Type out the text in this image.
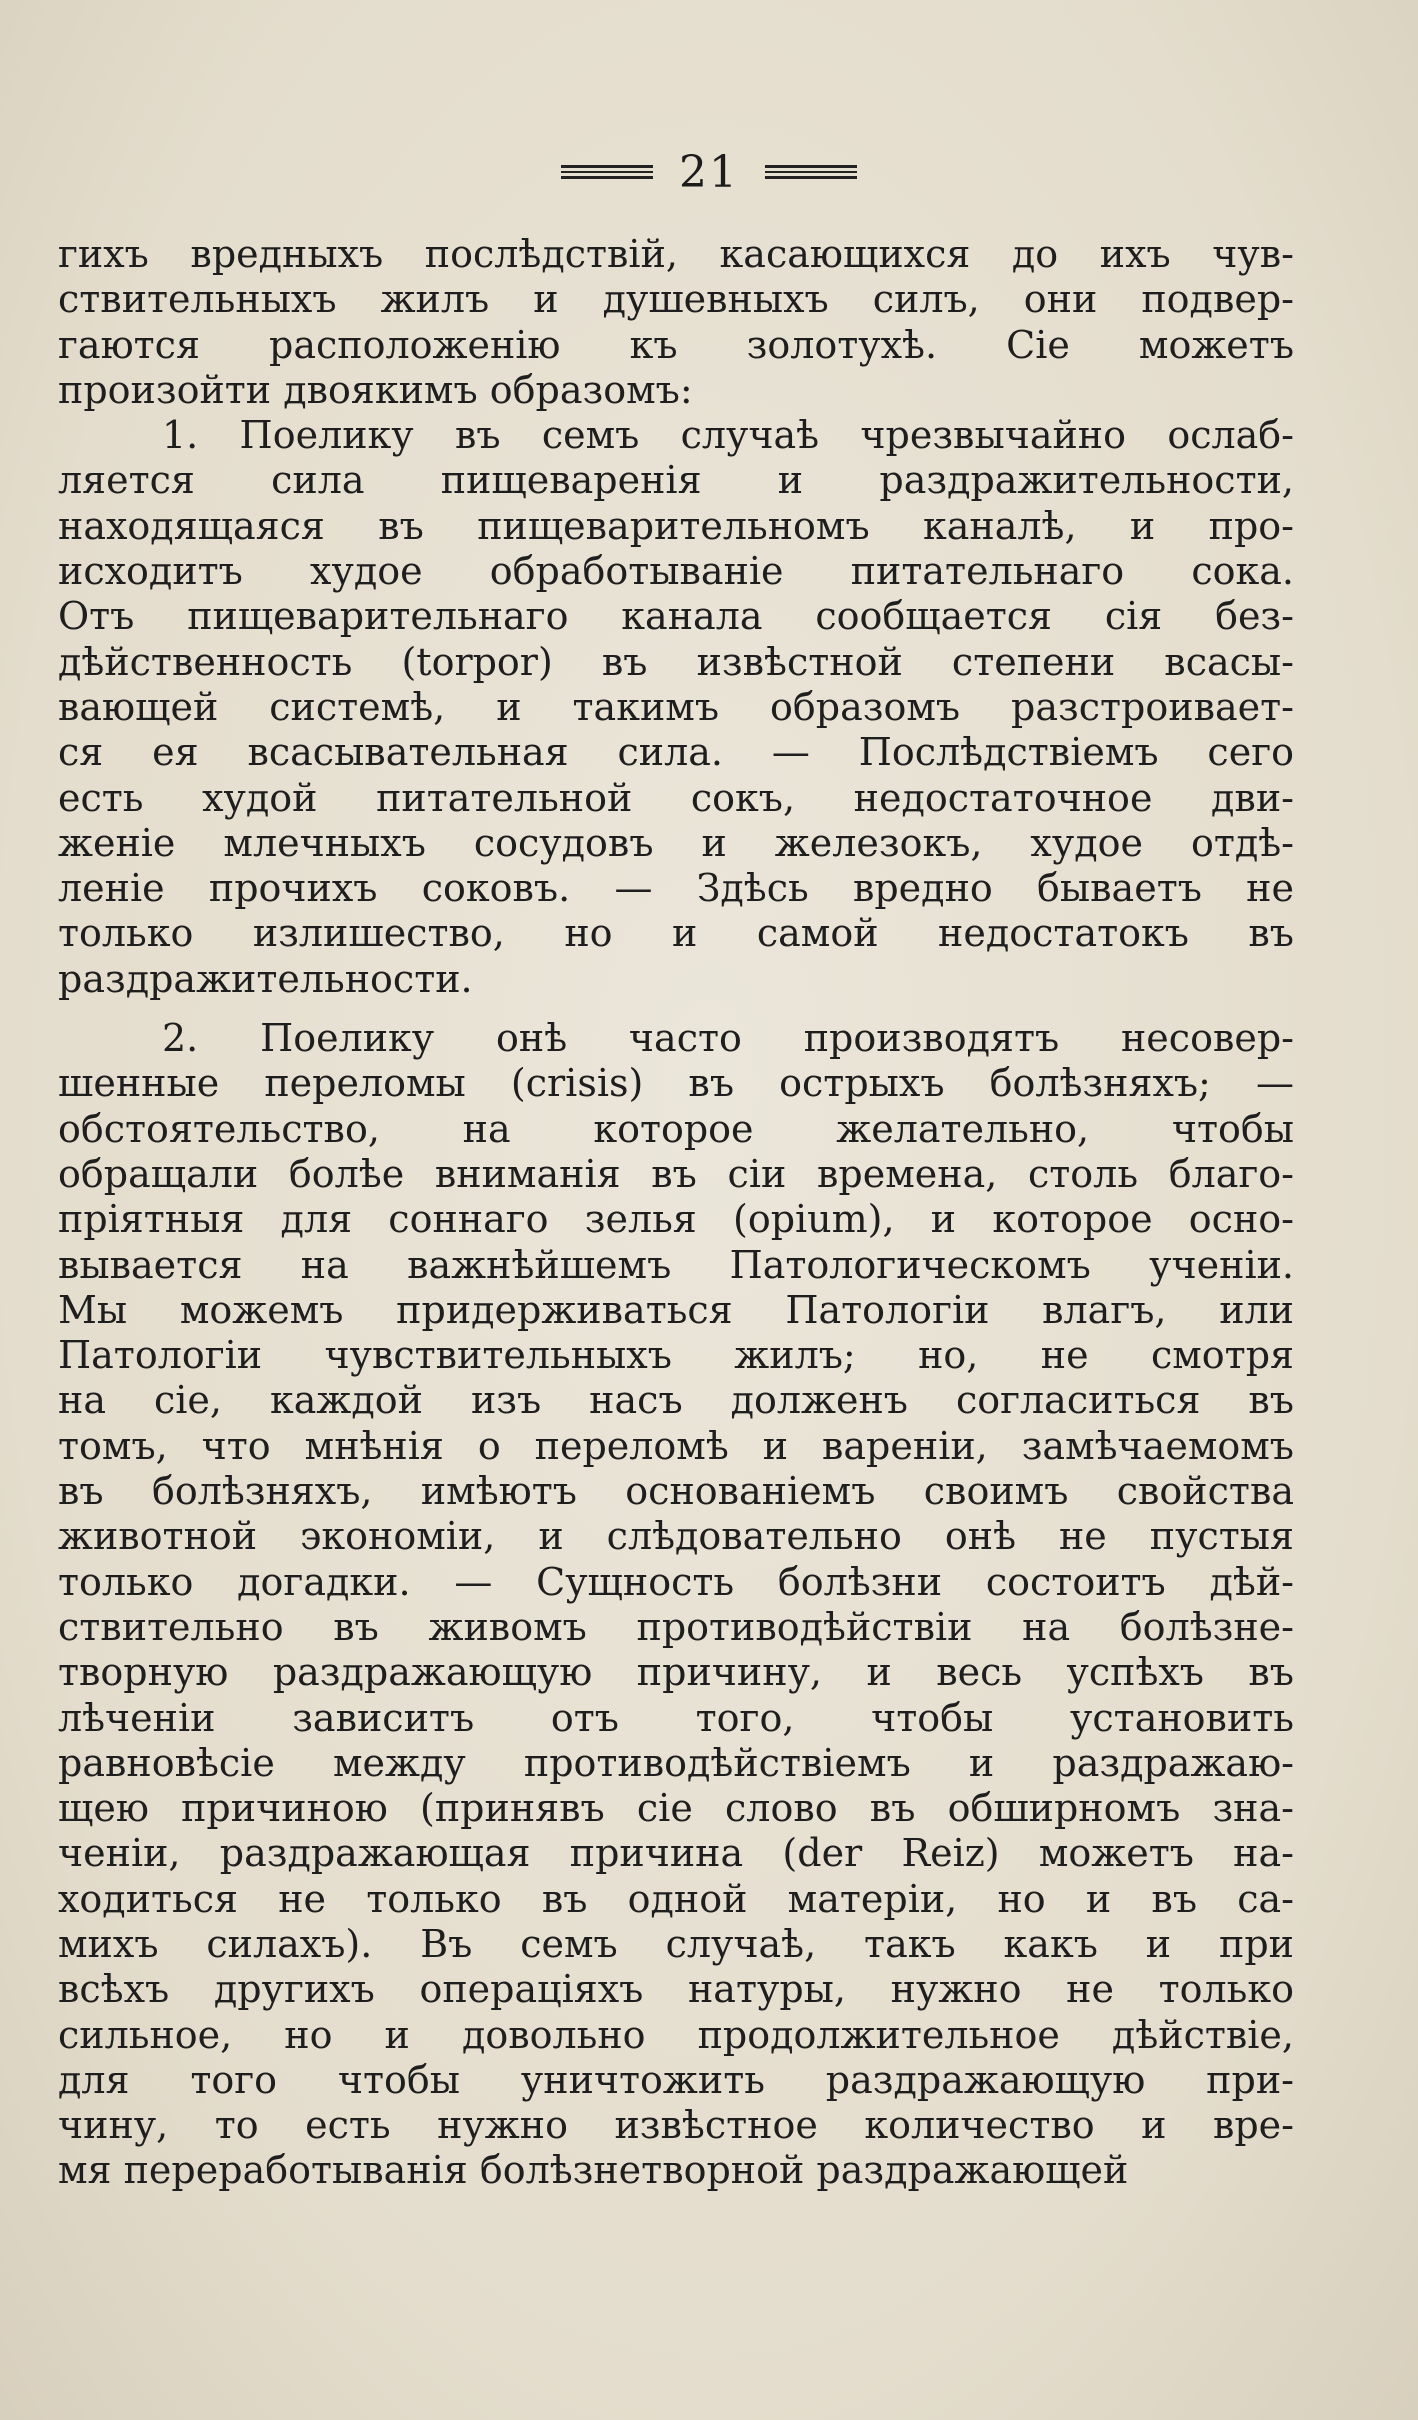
21
гихъ вредныхъ послѣдствій, касающихся до ихъ чув-
ствительныхъ жилъ и душевныхъ силъ, они подвер-
гаются расположенію къ золотухѣ. Сіе можетъ
произойти двоякимъ образомъ:
1. Поелику въ семъ случаѣ чрезвычайно ослаб-
ляется сила пищеваренія и раздражительности,
находящаяся въ пищеварительномъ каналѣ, и про-
исходитъ худое обработываніе питательнаго сока.
Отъ пищеварительнаго канала сообщается сія без-
дѣйственность (torpor) въ извѣстной степени всасы-
вающей системѣ, и такимъ образомъ разстроивает-
ся ея всасывательная сила. — Послѣдствіемъ сего
есть худой питательной сокъ, недостаточное дви-
женіе млечныхъ сосудовъ и железокъ, худое отдѣ-
леніе прочихъ соковъ. — Здѣсь вредно бываетъ не
только излишество, но и самой недостатокъ въ
раздражительности.
2. Поелику онѣ часто производятъ несовер-
шенные переломы (crisis) въ острыхъ болѣзняхъ; —
обстоятельство, на которое желательно, чтобы
обращали болѣе вниманія въ сіи времена, столь благо-
пріятныя для соннаго зелья (opium), и которое осно-
вывается на важнѣйшемъ Патологическомъ ученіи.
Мы можемъ придерживаться Патологіи влагъ, или
Патологіи чувствительныхъ жилъ; но, не смотря
на сіе, каждой изъ насъ долженъ согласиться въ
томъ, что мнѣнія о переломѣ и вареніи, замѣчаемомъ
въ болѣзняхъ, имѣютъ основаніемъ своимъ свойства
животной экономіи, и слѣдовательно онѣ не пустыя
только догадки. — Сущность болѣзни состоитъ дѣй-
ствительно въ живомъ противодѣйствіи на болѣзне-
творную раздражающую причину, и весь успѣхъ въ
лѣченіи зависитъ отъ того, чтобы установить
равновѣсіе между противодѣйствіемъ и раздражаю-
щею причиною (принявъ сіе слово въ обширномъ зна-
ченіи, раздражающая причина (der Reiz) можетъ на-
ходиться не только въ одной матеріи, но и въ са-
михъ силахъ). Въ семъ случаѣ, такъ какъ и при
всѣхъ другихъ операціяхъ натуры, нужно не только
сильное, но и довольно продолжительное дѣйствіе,
для того чтобы уничтожить раздражающую при-
чину, то есть нужно извѣстное количество и вре-
мя переработыванія болѣзнетворной раздражающей
